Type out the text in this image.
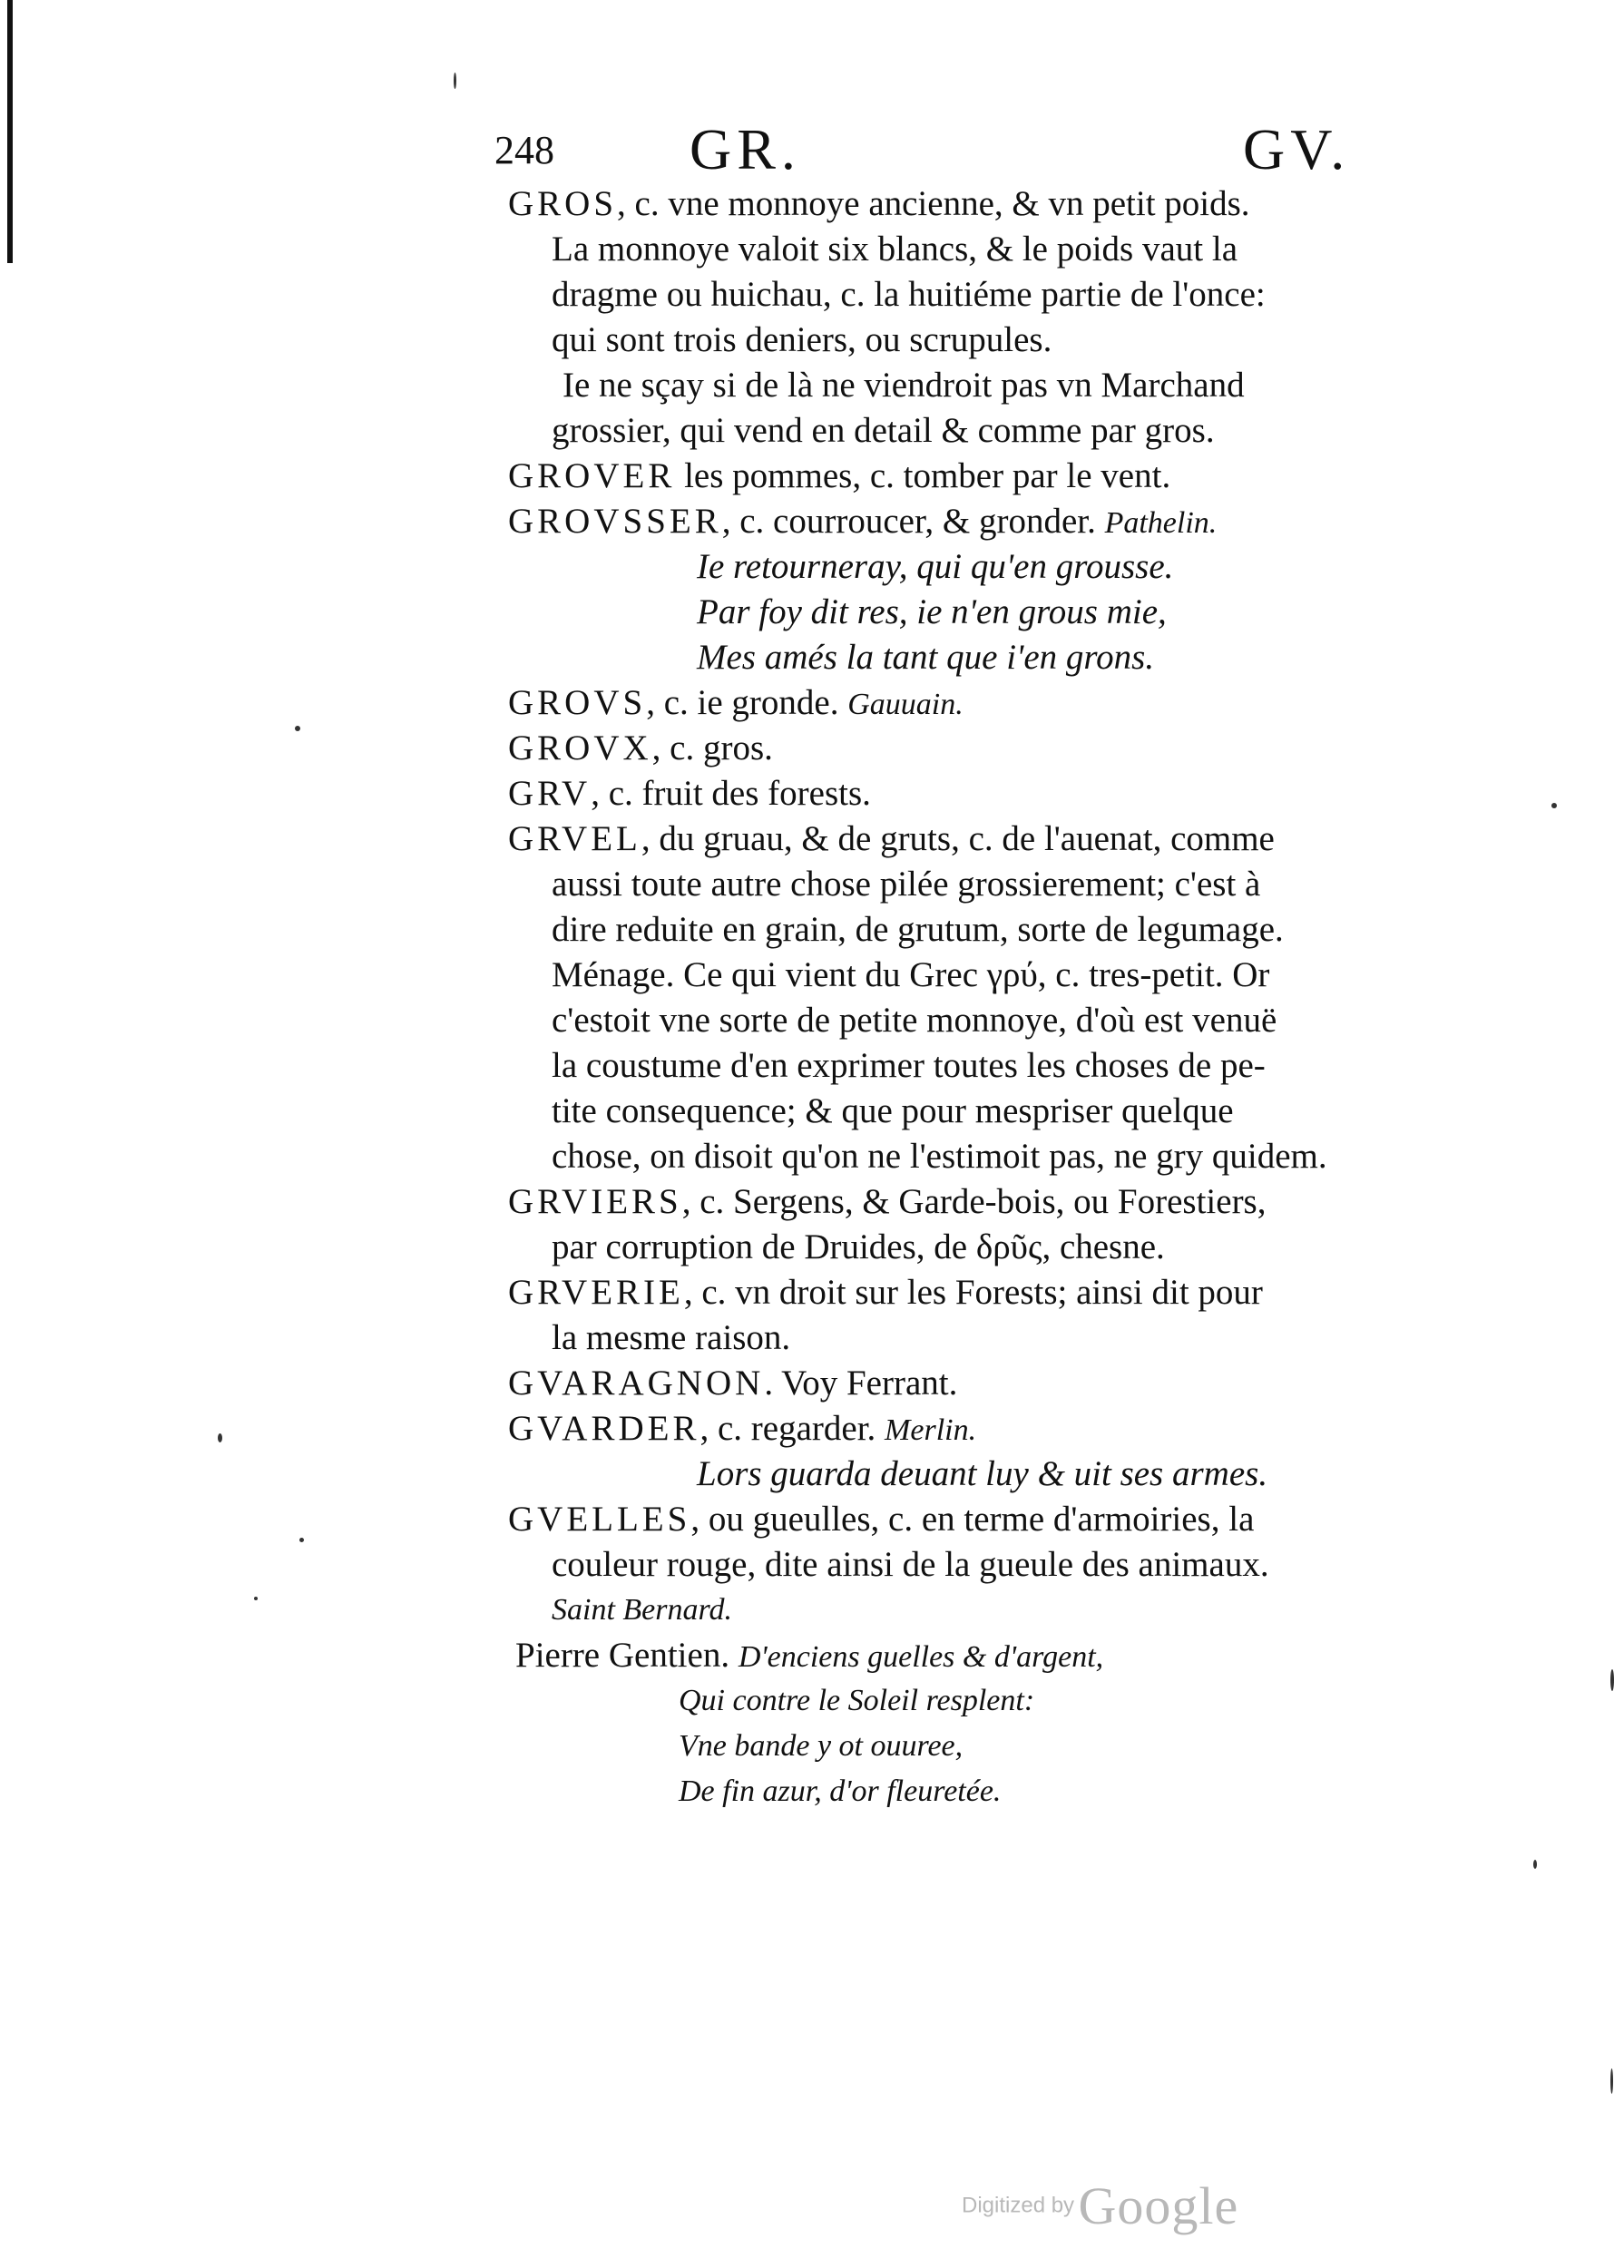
248 GR.	GV.
GROS, c. vne monnoye ancienne, & vn petit poids.
La monnoye valoit six blancs, & le poids vaut la
dragme ou huichau, c. la huitiéme partie de l'once:
qui sont trois deniers, ou scrupules.
Ie ne sçay si de là ne viendroit pas vn Marchand
grossier, qui vend en detail & comme par gros.
GROVER les pommes, c. tomber par le vent.
GROVSSER, c. courroucer, & gronder. Pathelin.
Ie retourneray, qui qu'en grousse.
Par foy dit res, ie n'en grous mie,
Mes amés la tant que i'en grons.
GROVS, c. ie gronde. Gauuain.
GROVX, c. gros.
GRV, c. fruit des forests.
GRVEL, du gruau, & de gruts, c. de l'auenat, comme
aussi toute autre chose pilée grossierement; c'est à
dire reduite en grain, de grutum, sorte de legumage.
Ménage. Ce qui vient du Grec γρύ, c. tres-petit. Or
c'estoit vne sorte de petite monnoye, d'où est venuë
la coustume d'en exprimer toutes les choses de pe-
tite consequence; & que pour mespriser quelque
chose, on disoit qu'on ne l'estimoit pas, ne gry quidem.
GRVIERS, c. Sergens, & Garde-bois, ou Forestiers,
par corruption de Druides, de δρῦς, chesne.
GRVERIE, c. vn droit sur les Forests; ainsi dit pour
la mesme raison.
GVARAGNON. Voy Ferrant.
GVARDER, c. regarder. Merlin.
Lors guarda deuant luy & uit ses armes.
GVELLES, ou gueulles, c. en terme d'armoiries, la
couleur rouge, dite ainsi de la gueule des animaux.
Saint Bernard.
Pierre Gentien. D'enciens guelles & d'argent,
Qui contre le Soleil resplent:
Vne bande y ot ouuree,
De fin azur, d'or fleuretée.
Digitized by Google
